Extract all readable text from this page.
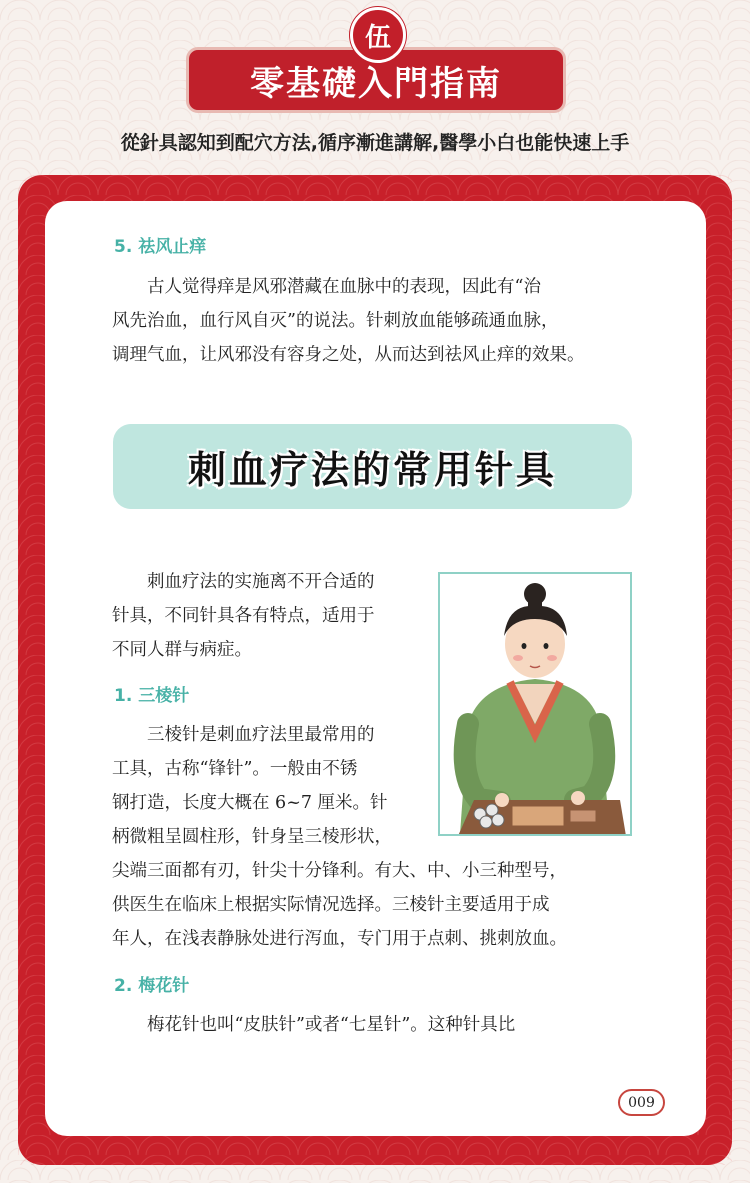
伍
零基礎入門指南
從針具認知到配穴方法,循序漸進講解,醫學小白也能快速上手
5. 祛风止痒
　　古人觉得痒是风邪潜藏在血脉中的表现，因此有“治
风先治血，血行风自灭”的说法。针刺放血能够疏通血脉，
调理气血，让风邪没有容身之处，从而达到祛风止痒的效果。
刺血疗法的常用针具
　　刺血疗法的实施离不开合适的
针具，不同针具各有特点，适用于
不同人群与病症。
1. 三棱针
　　三棱针是刺血疗法里最常用的
工具，古称“锋针”。一般由不锈
钢打造，长度大概在 6~7 厘米。针
柄微粗呈圆柱形，针身呈三棱形状，
尖端三面都有刃，针尖十分锋利。有大、中、小三种型号，
供医生在临床上根据实际情况选择。三棱针主要适用于成
年人，在浅表静脉处进行泻血，专门用于点刺、挑刺放血。
2. 梅花针
　　梅花针也叫“皮肤针”或者“七星针”。这种针具比
009
